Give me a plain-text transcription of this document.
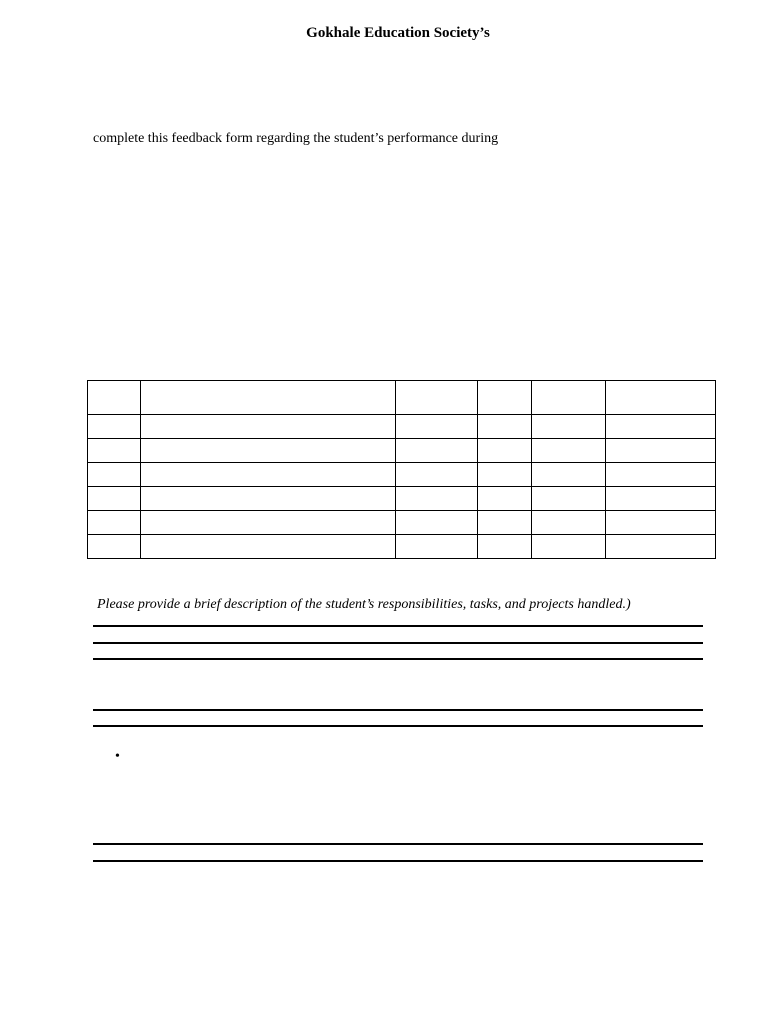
Gokhale Education Society’s
complete this feedback form regarding the student’s performance during

Please provide a brief description of the student’s responsibilities, tasks, and projects handled.)
•
